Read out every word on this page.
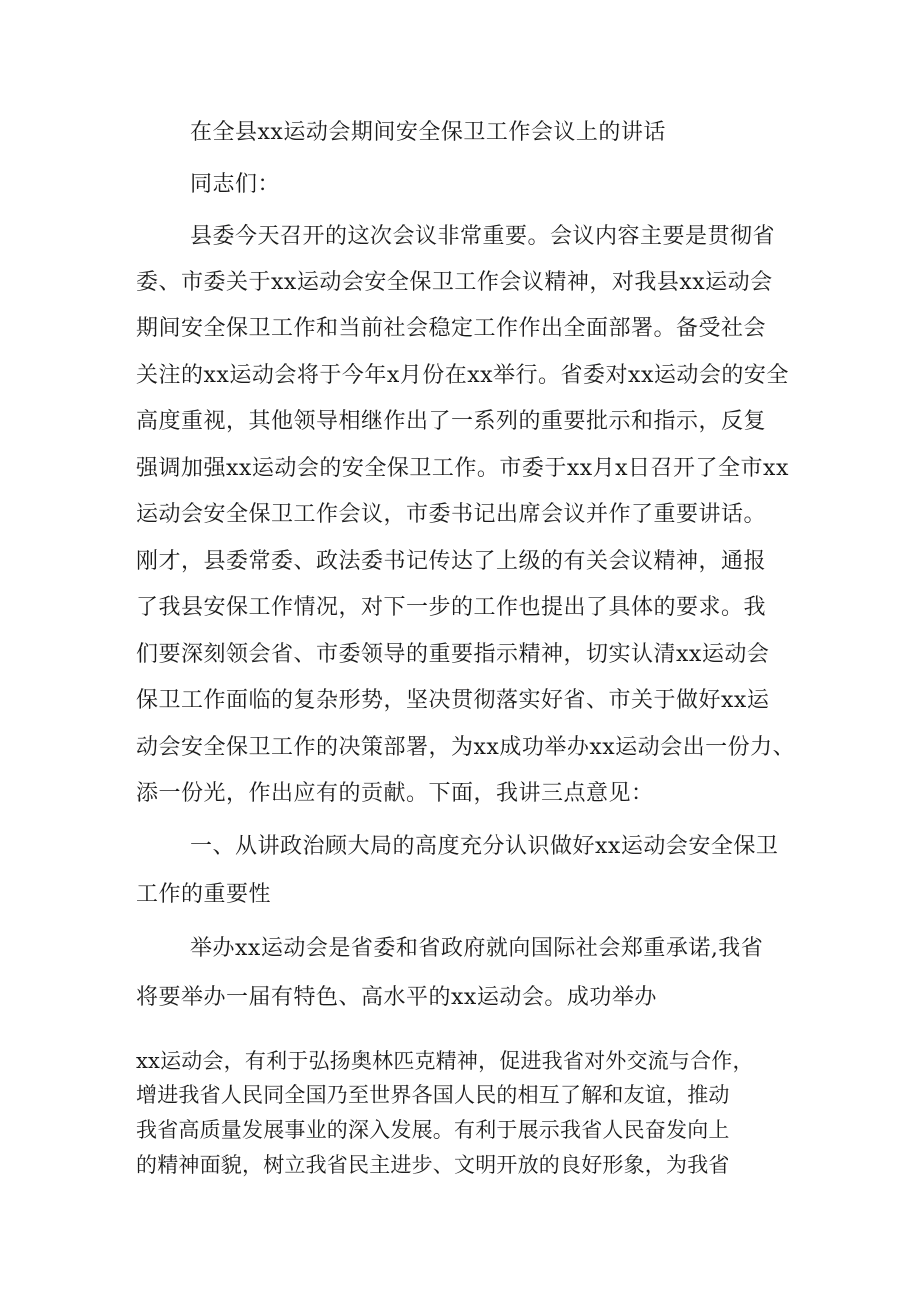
在全县xx运动会期间安全保卫工作会议上的讲话
同志们：
县委今天召开的这次会议非常重要。会议内容主要是贯彻省
委、市委关于xx运动会安全保卫工作会议精神，对我县xx运动会
期间安全保卫工作和当前社会稳定工作作出全面部署。备受社会
关注的xx运动会将于今年x月份在xx举行。省委对xx运动会的安全
高度重视，其他领导相继作出了一系列的重要批示和指示，反复
强调加强xx运动会的安全保卫工作。市委于xx月x日召开了全市xx
运动会安全保卫工作会议，市委书记出席会议并作了重要讲话。
刚才，县委常委、政法委书记传达了上级的有关会议精神，通报
了我县安保工作情况，对下一步的工作也提出了具体的要求。我
们要深刻领会省、市委领导的重要指示精神，切实认清xx运动会
保卫工作面临的复杂形势，坚决贯彻落实好省、市关于做好xx运
动会安全保卫工作的决策部署，为xx成功举办xx运动会出一份力、
添一份光，作出应有的贡献。下面，我讲三点意见：
一、从讲政治顾大局的高度充分认识做好xx运动会安全保卫
工作的重要性
举办xx运动会是省委和省政府就向国际社会郑重承诺,我省
将要举办一届有特色、高水平的xx运动会。成功举办
xx运动会，有利于弘扬奥林匹克精神，促进我省对外交流与合作，
增进我省人民同全国乃至世界各国人民的相互了解和友谊，推动
我省高质量发展事业的深入发展。有利于展示我省人民奋发向上
的精神面貌，树立我省民主进步、文明开放的良好形象，为我省
